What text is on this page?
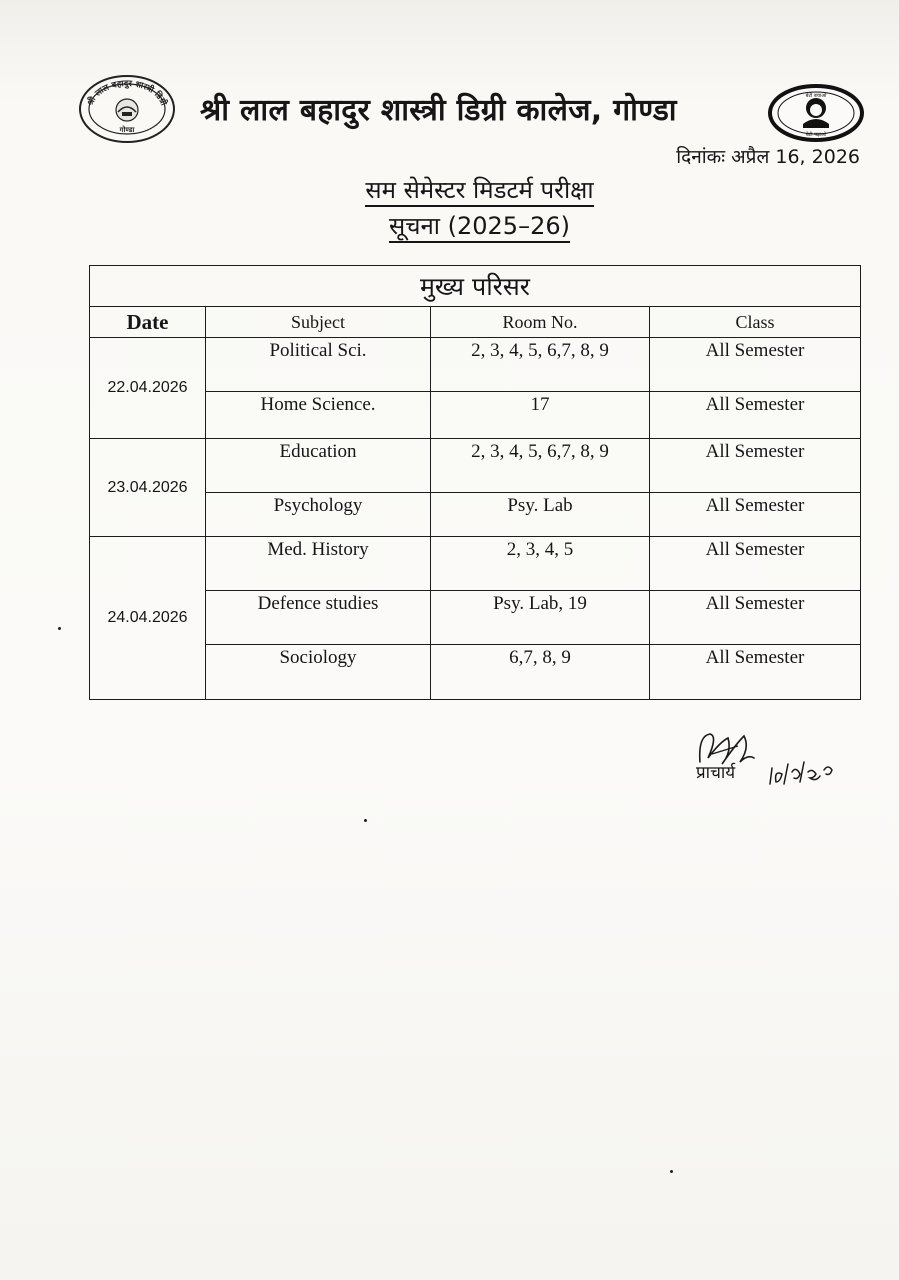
श्री लाल बहादुर शास्त्री डिग्री
गोण्डा
श्री लाल बहादुर शास्त्री डिग्री कालेज, गोण्डा	बेटी बचाओ
बेटी पढ़ाओ
दिनांकः अप्रैल 16, 2026
सम सेमेस्टर मिडटर्म परीक्षा
सूचना (2025–26)
मुख्य परिसर			
Date	Subject	Room No.	Class
22.04.2026	Political Sci.	2, 3, 4, 5, 6,7, 8, 9	All Semester
	Home Science.	17	All Semester
23.04.2026	Education	2, 3, 4, 5, 6,7, 8, 9	All Semester
	Psychology	Psy. Lab	All Semester
24.04.2026	Med. History	2, 3, 4, 5	All Semester
	Defence studies	Psy. Lab, 19	All Semester
	Sociology	6,7, 8, 9	All Semester
प्राचार्य
